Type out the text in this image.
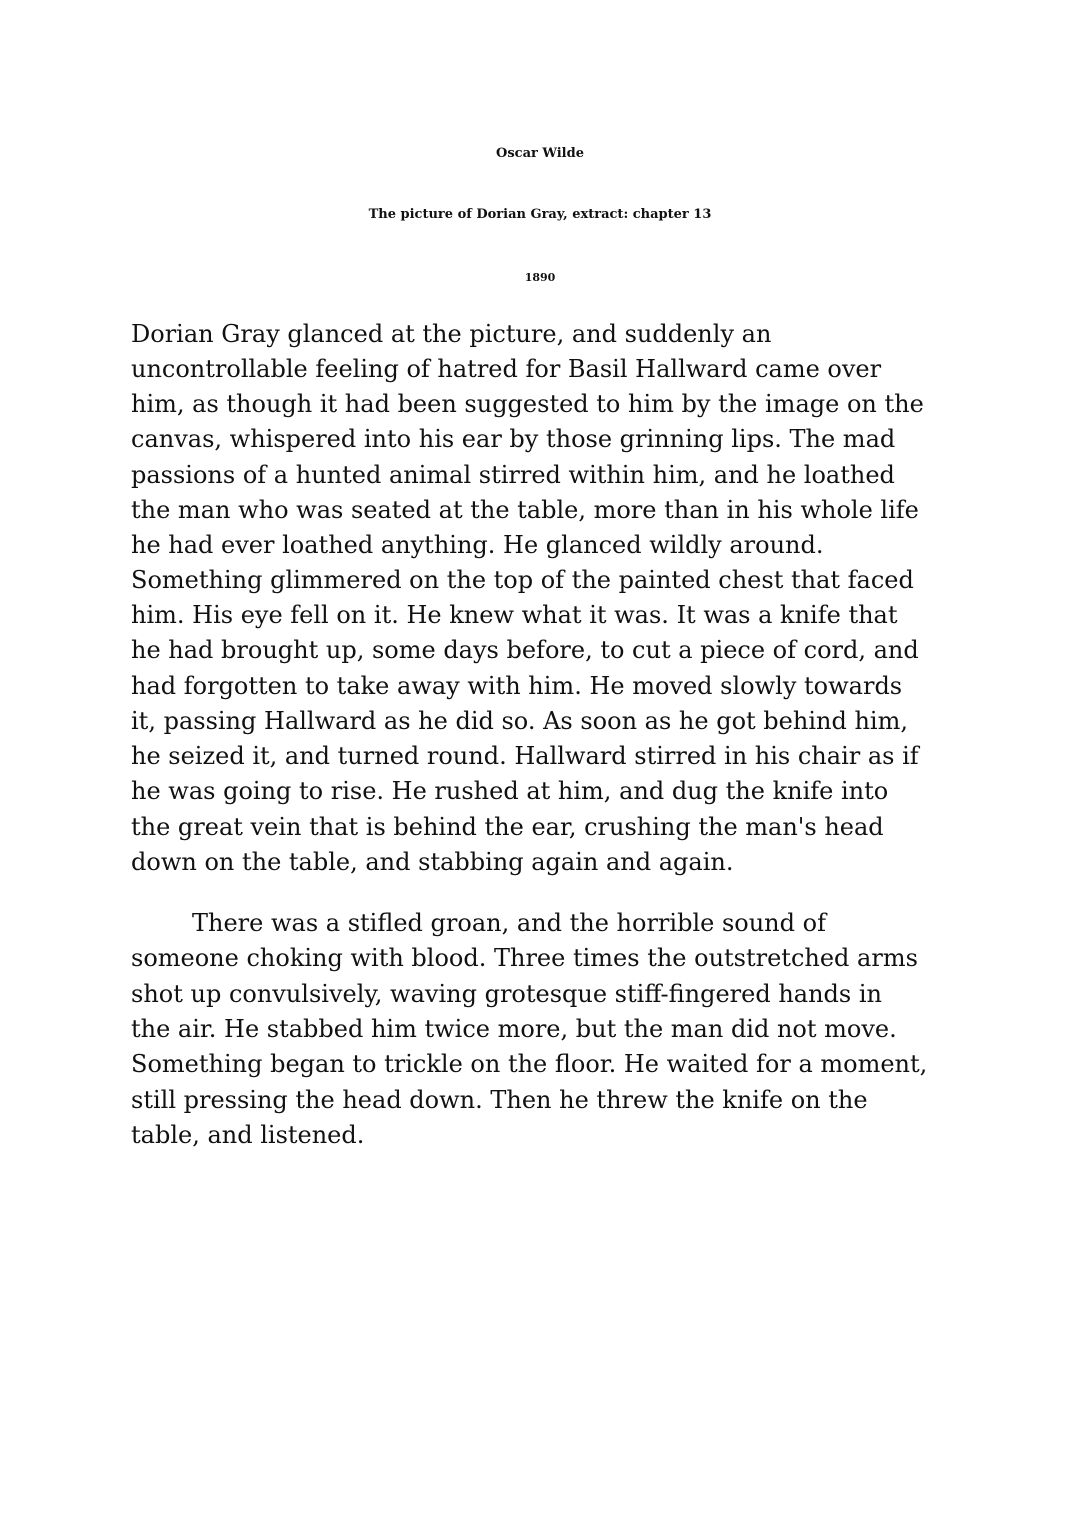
Oscar Wilde
The picture of Dorian Gray, extract: chapter 13
1890

Dorian Gray glanced at the picture, and suddenly an

uncontrollable feeling of hatred for Basil Hallward came over

him, as though it had been suggested to him by the image on the

canvas, whispered into his ear by those grinning lips. The mad

passions of a hunted animal stirred within him, and he loathed

the man who was seated at the table, more than in his whole life

he had ever loathed anything. He glanced wildly around.

Something glimmered on the top of the painted chest that faced

him. His eye fell on it. He knew what it was. It was a knife that

he had brought up, some days before, to cut a piece of cord, and

had forgotten to take away with him. He moved slowly towards

it, passing Hallward as he did so. As soon as he got behind him,

he seized it, and turned round. Hallward stirred in his chair as if

he was going to rise. He rushed at him, and dug the knife into

the great vein that is behind the ear, crushing the man's head

down on the table, and stabbing again and again.

There was a stifled groan, and the horrible sound of

someone choking with blood. Three times the outstretched arms

shot up convulsively, waving grotesque stiff-fingered hands in

the air. He stabbed him twice more, but the man did not move.

Something began to trickle on the floor. He waited for a moment,

still pressing the head down. Then he threw the knife on the

table, and listened.
